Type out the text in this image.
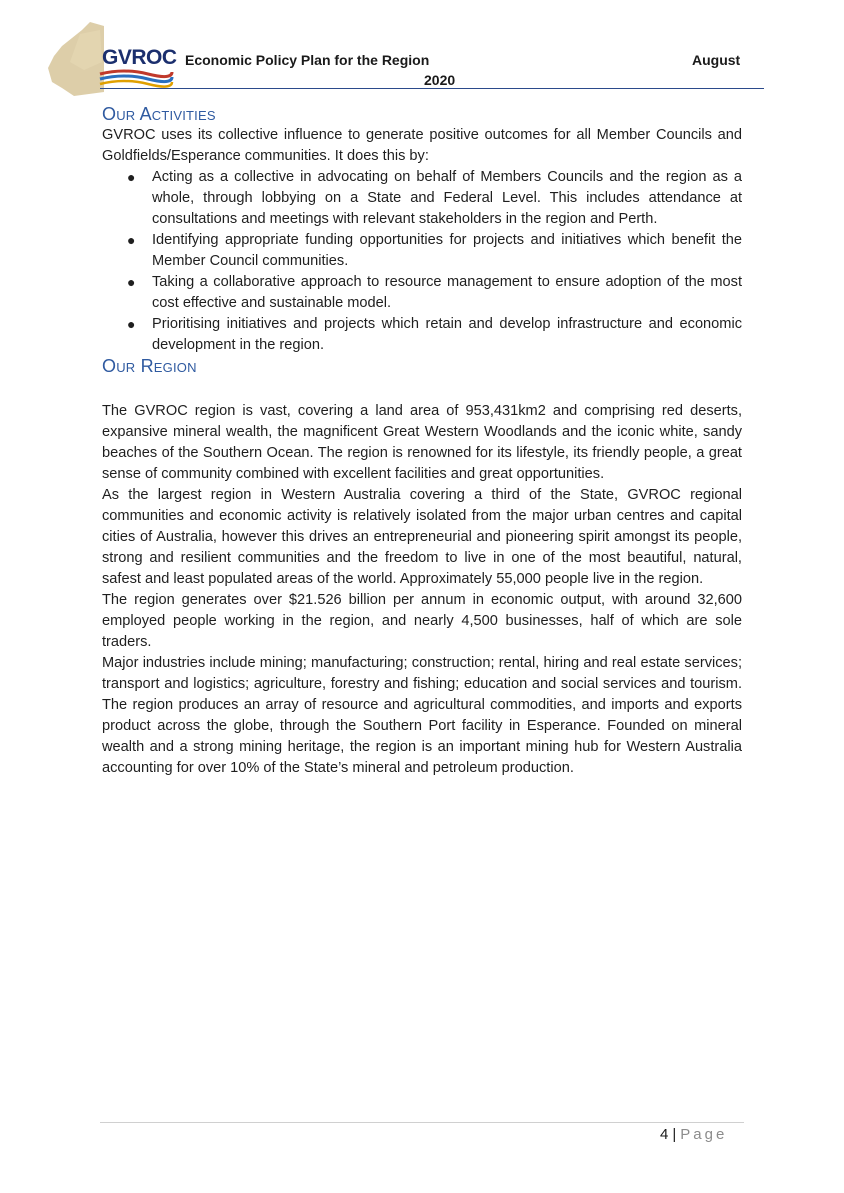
GVROC Economic Policy Plan for the Region	August
2020
Our Activities

GVROC uses its collective influence to generate positive outcomes for all Member Councils and Goldfields/Esperance communities. It does this by:

● Acting as a collective in advocating on behalf of Members Councils and the region as a whole, through lobbying on a State and Federal Level. This includes attendance at consultations and meetings with relevant stakeholders in the region and Perth.
● Identifying appropriate funding opportunities for projects and initiatives which benefit the Member Council communities.
● Taking a collaborative approach to resource management to ensure adoption of the most cost effective and sustainable model.
● Prioritising initiatives and projects which retain and develop infrastructure and economic development in the region.
Our Region

The GVROC region is vast, covering a land area of 953,431km2 and comprising red deserts, expansive mineral wealth, the magnificent Great Western Woodlands and the iconic white, sandy beaches of the Southern Ocean. The region is renowned for its lifestyle, its friendly people, a great sense of community combined with excellent facilities and great opportunities.

As the largest region in Western Australia covering a third of the State, GVROC regional communities and economic activity is relatively isolated from the major urban centres and capital cities of Australia, however this drives an entrepreneurial and pioneering spirit amongst its people, strong and resilient communities and the freedom to live in one of the most beautiful, natural, safest and least populated areas of the world. Approximately 55,000 people live in the region.

The region generates over $21.526 billion per annum in economic output, with around 32,600 employed people working in the region, and nearly 4,500 businesses, half of which are sole traders.

Major industries include mining; manufacturing; construction; rental, hiring and real estate services; transport and logistics; agriculture, forestry and fishing; education and social services and tourism. The region produces an array of resource and agricultural commodities, and imports and exports product across the globe, through the Southern Port facility in Esperance. Founded on mineral wealth and a strong mining heritage, the region is an important mining hub for Western Australia accounting for over 10% of the State’s mineral and petroleum production.

4 | Page
